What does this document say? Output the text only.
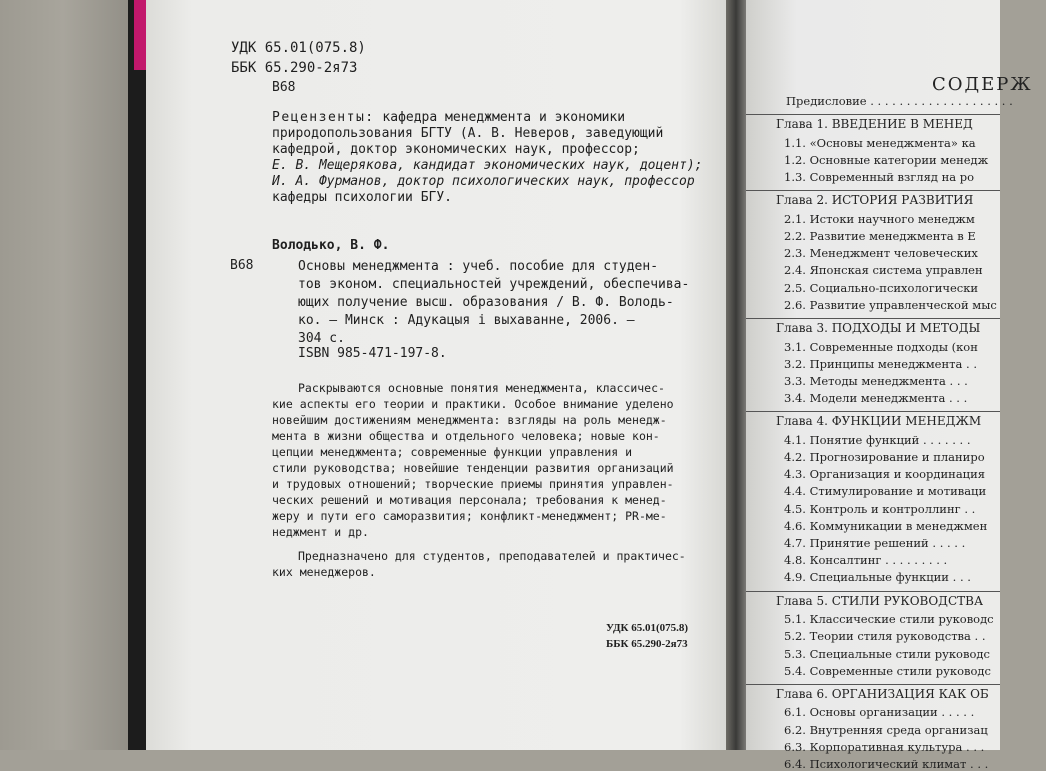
УДК 65.01(075.8)
ББК 65.290-2я73
В68
Рецензенты: кафедра менеджмента и экономики
природопользования БГТУ (А. В. Неверов, заведующий
кафедрой, доктор экономических наук, профессор;
Е. В. Мещерякова, кандидат экономических наук, доцент);
И. А. Фурманов, доктор психологических наук, профессор
кафедры психологии БГУ.
Володько, В. Ф.
В68	Основы менеджмента : учеб. пособие для студен-
тов эконом. специальностей учреждений, обеспечива-
ющих получение высш. образования / В. Ф. Володь-
ко. — Минск : Адукацыя і выхаванне, 2006. —
304 с.
ISBN 985-471-197-8.
Раскрываются основные понятия менеджмента, классичес-
кие аспекты его теории и практики. Особое внимание уделено
новейшим достижениям менеджмента: взгляды на роль менедж-
мента в жизни общества и отдельного человека; новые кон-
цепции менеджмента; современные функции управления и
стили руководства; новейшие тенденции развития организаций
и трудовых отношений; творческие приемы принятия управлен-
ческих решений и мотивация персонала; требования к менед-
жеру и пути его саморазвития; конфликт-менеджмент; PR-ме-
неджмент и др.
Предназначено для студентов, преподавателей и практичес-
ких менеджеров.
УДК 65.01(075.8)
ББК 65.290-2я73
СОДЕРЖ
Предисловие . . . . . . . . . . . . . . . . . . . .
Глава 1. ВВЕДЕНИЕ В МЕНЕД
1.1. «Основы менеджмента» ка
1.2. Основные категории менедж
1.3. Современный взгляд на ро
Глава 2. ИСТОРИЯ РАЗВИТИЯ
2.1. Истоки научного менеджм
2.2. Развитие менеджмента в Е
2.3. Менеджмент человеческих
2.4. Японская система управлен
2.5. Социально-психологически
2.6. Развитие управленческой мыс
Глава 3. ПОДХОДЫ И МЕТОДЫ
3.1. Современные подходы (кон
3.2. Принципы менеджмента . .
3.3. Методы менеджмента . . .
3.4. Модели менеджмента . . .
Глава 4. ФУНКЦИИ МЕНЕДЖМ
4.1. Понятие функций . . . . . . .
4.2. Прогнозирование и планиро
4.3. Организация и координация
4.4. Стимулирование и мотиваци
4.5. Контроль и контроллинг . .
4.6. Коммуникации в менеджмен
4.7. Принятие решений . . . . .
4.8. Консалтинг . . . . . . . . .
4.9. Специальные функции . . .
Глава 5. СТИЛИ РУКОВОДСТВА
5.1. Классические стили руководс
5.2. Теории стиля руководства . .
5.3. Специальные стили руководс
5.4. Современные стили руководс
Глава 6. ОРГАНИЗАЦИЯ КАК ОБ
6.1. Основы организации . . . . .
6.2. Внутренняя среда организац
6.3. Корпоративная культура . . .
6.4. Психологический климат . . .
